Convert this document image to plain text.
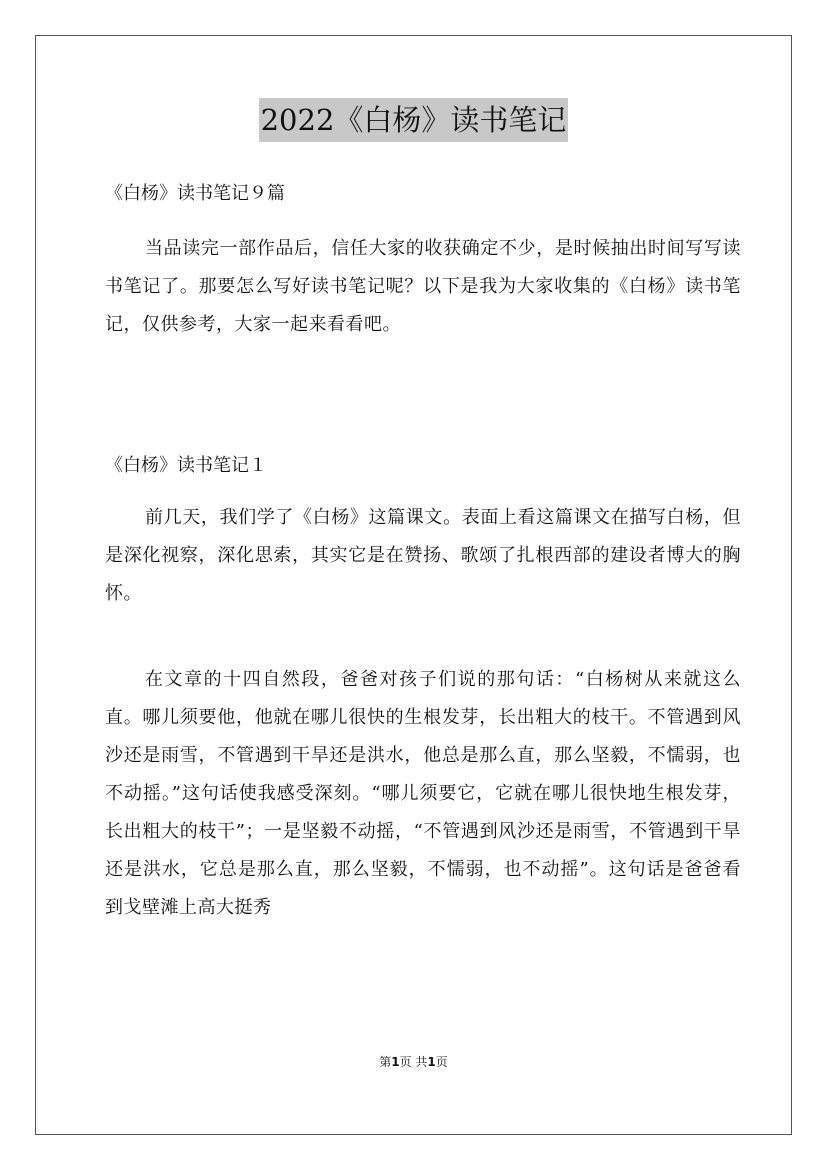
2022《白杨》读书笔记
《白杨》读书笔记９篇

当品读完一部作品后，信任大家的收获确定不少，是时候抽出时间写写读书笔记了。那要怎么写好读书笔记呢？以下是我为大家收集的《白杨》读书笔记，仅供参考，大家一起来看看吧。

《白杨》读书笔记１

前几天，我们学了《白杨》这篇课文。表面上看这篇课文在描写白杨，但是深化视察，深化思索，其实它是在赞扬、歌颂了扎根西部的建设者博大的胸怀。

在文章的十四自然段，爸爸对孩子们说的那句话：“白杨树从来就这么直。哪儿须要他，他就在哪儿很快的生根发芽，长出粗大的枝干。不管遇到风沙还是雨雪，不管遇到干旱还是洪水，他总是那么直，那么坚毅，不懦弱，也不动摇。”这句话使我感受深刻。“哪儿须要它，它就在哪儿很快地生根发芽，长出粗大的枝干”；一是坚毅不动摇，“不管遇到风沙还是雨雪，不管遇到干旱还是洪水，它总是那么直，那么坚毅，不懦弱，也不动摇”。这句话是爸爸看到戈壁滩上高大挺秀

第1页 共1页
